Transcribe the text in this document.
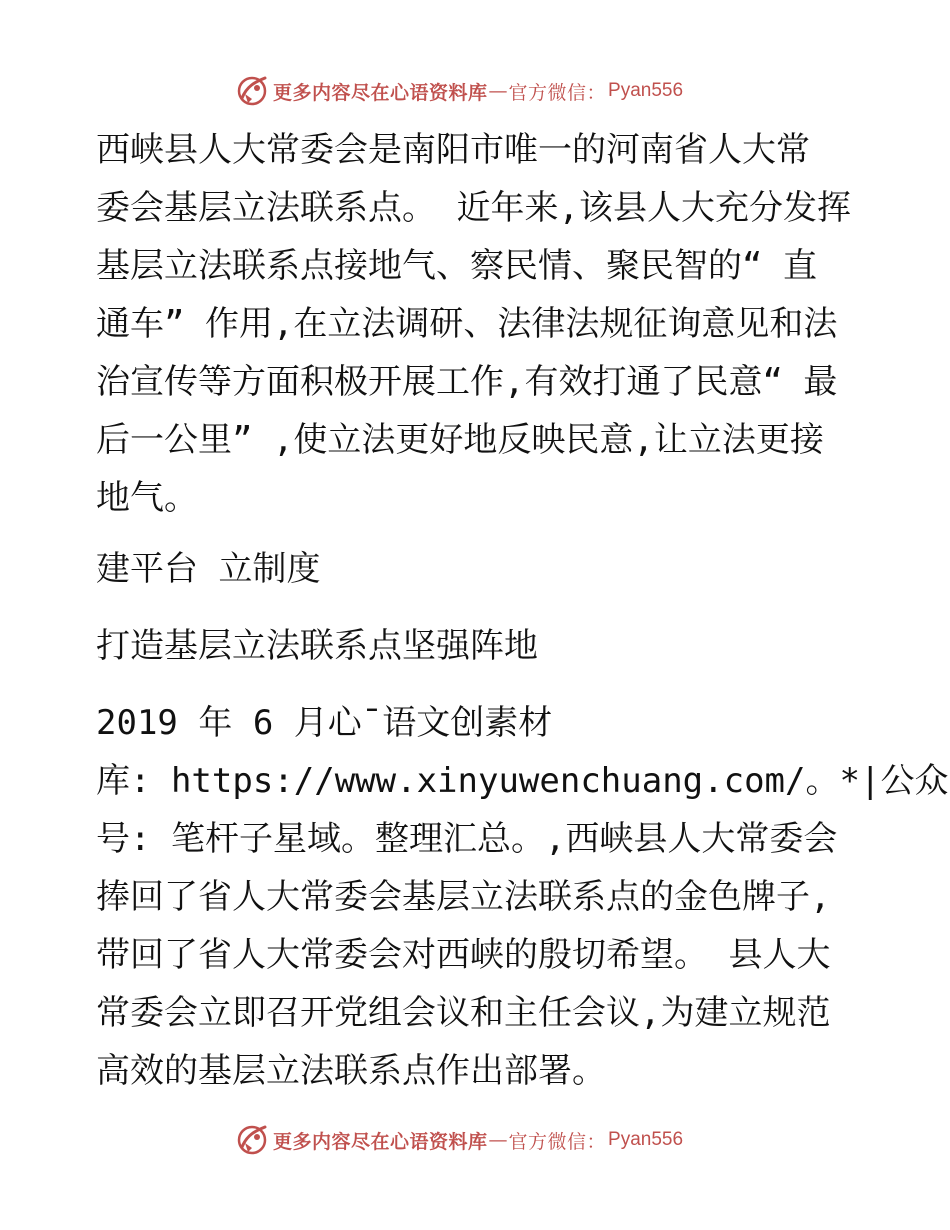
更多内容尽在心语资料库 — 官方微信： Pyan556
西峡县人大常委会是南阳市唯一的河南省人大常
委会基层立法联系点。 近年来,该县人大充分发挥
基层立法联系点接地气、察民情、聚民智的“ 直
通车” 作用,在立法调研、法律法规征询意见和法
治宣传等方面积极开展工作,有效打通了民意“ 最
后一公里” ,使立法更好地反映民意,让立法更接
地气。
建平台 立制度
打造基层立法联系点坚强阵地
2019 年 6 月心¯语文创素材
库: https://www.xinyuwenchuang.com/。*|公众
号: 笔杆子星域。整理汇总。,西峡县人大常委会
捧回了省人大常委会基层立法联系点的金色牌子,
带回了省人大常委会对西峡的殷切希望。 县人大
常委会立即召开党组会议和主任会议,为建立规范
高效的基层立法联系点作出部署。
更多内容尽在心语资料库 — 官方微信： Pyan556
